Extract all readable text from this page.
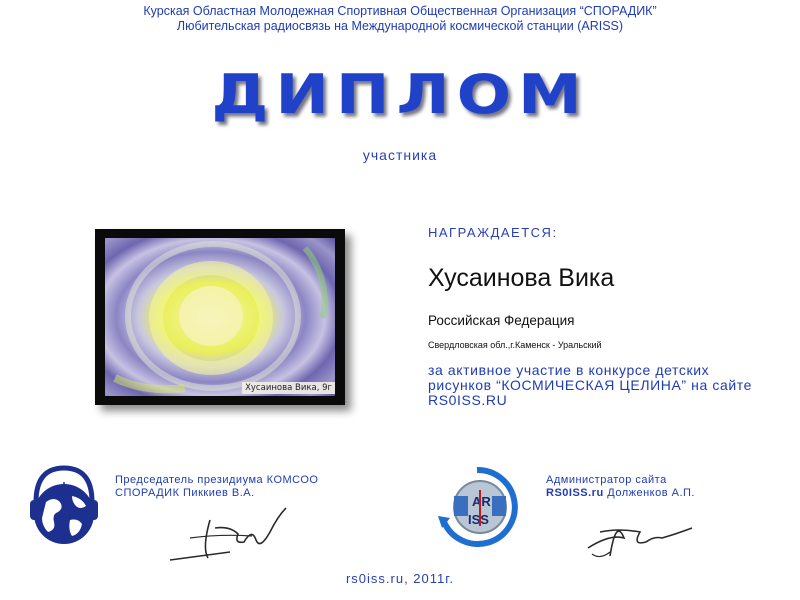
Курская Областная Молодежная Спортивная Общественная Организация “СПОРАДИК”
Любительская радиосвязь на Международной космической станции (ARISS)
ДИПЛОМ
участника
Хусаинова Вика, 9г
НАГРАЖДАЕТСЯ:
Хусаинова Вика
Российская Федерация
Свердловская обл.,г.Каменск - Уральский
за активное участие в конкурсе детских рисунков “КОСМИЧЕСКАЯ ЦЕЛИНА” на сайте RS0ISS.RU
Председатель президиума КОМСОО
СПОРАДИК Пиккиев В.А.
AR
ISS
Администратор сайта
RS0ISS.ru Долженков А.П.
rs0iss.ru, 2011г.
